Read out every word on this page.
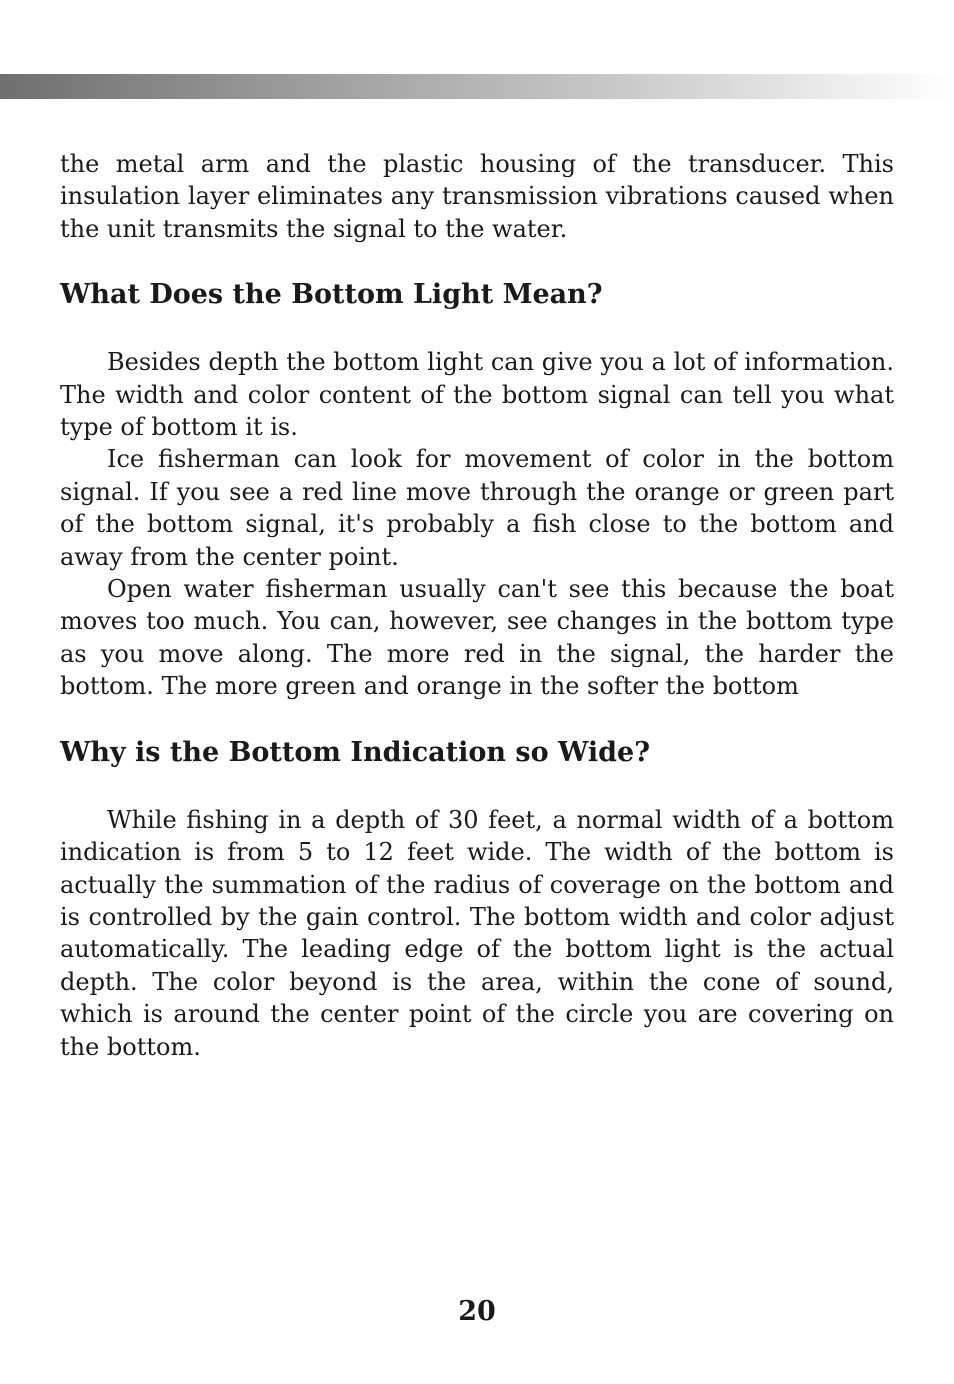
the metal arm and the plastic housing of the transducer. This insulation layer eliminates any transmission vibrations caused when the unit transmits the signal to the water.

What Does the Bottom Light Mean?

Besides depth the bottom light can give you a lot of information. The width and color content of the bottom signal can tell you what type of bottom it is.

Ice fisherman can look for movement of color in the bottom signal. If you see a red line move through the orange or green part of the bottom signal, it's probably a fish close to the bottom and away from the center point.

Open water fisherman usually can't see this because the boat moves too much. You can, however, see changes in the bottom type as you move along. The more red in the signal, the harder the bottom. The more green and orange in the softer the bottom

Why is the Bottom Indication so Wide?

While fishing in a depth of 30 feet, a normal width of a bottom indication is from 5 to 12 feet wide. The width of the bottom is actually the summation of the radius of coverage on the bottom and is controlled by the gain control. The bottom width and color adjust automatically. The leading edge of the bottom light is the actual depth. The color beyond is the area, within the cone of sound, which is around the center point of the circle you are covering on the bottom.

20
